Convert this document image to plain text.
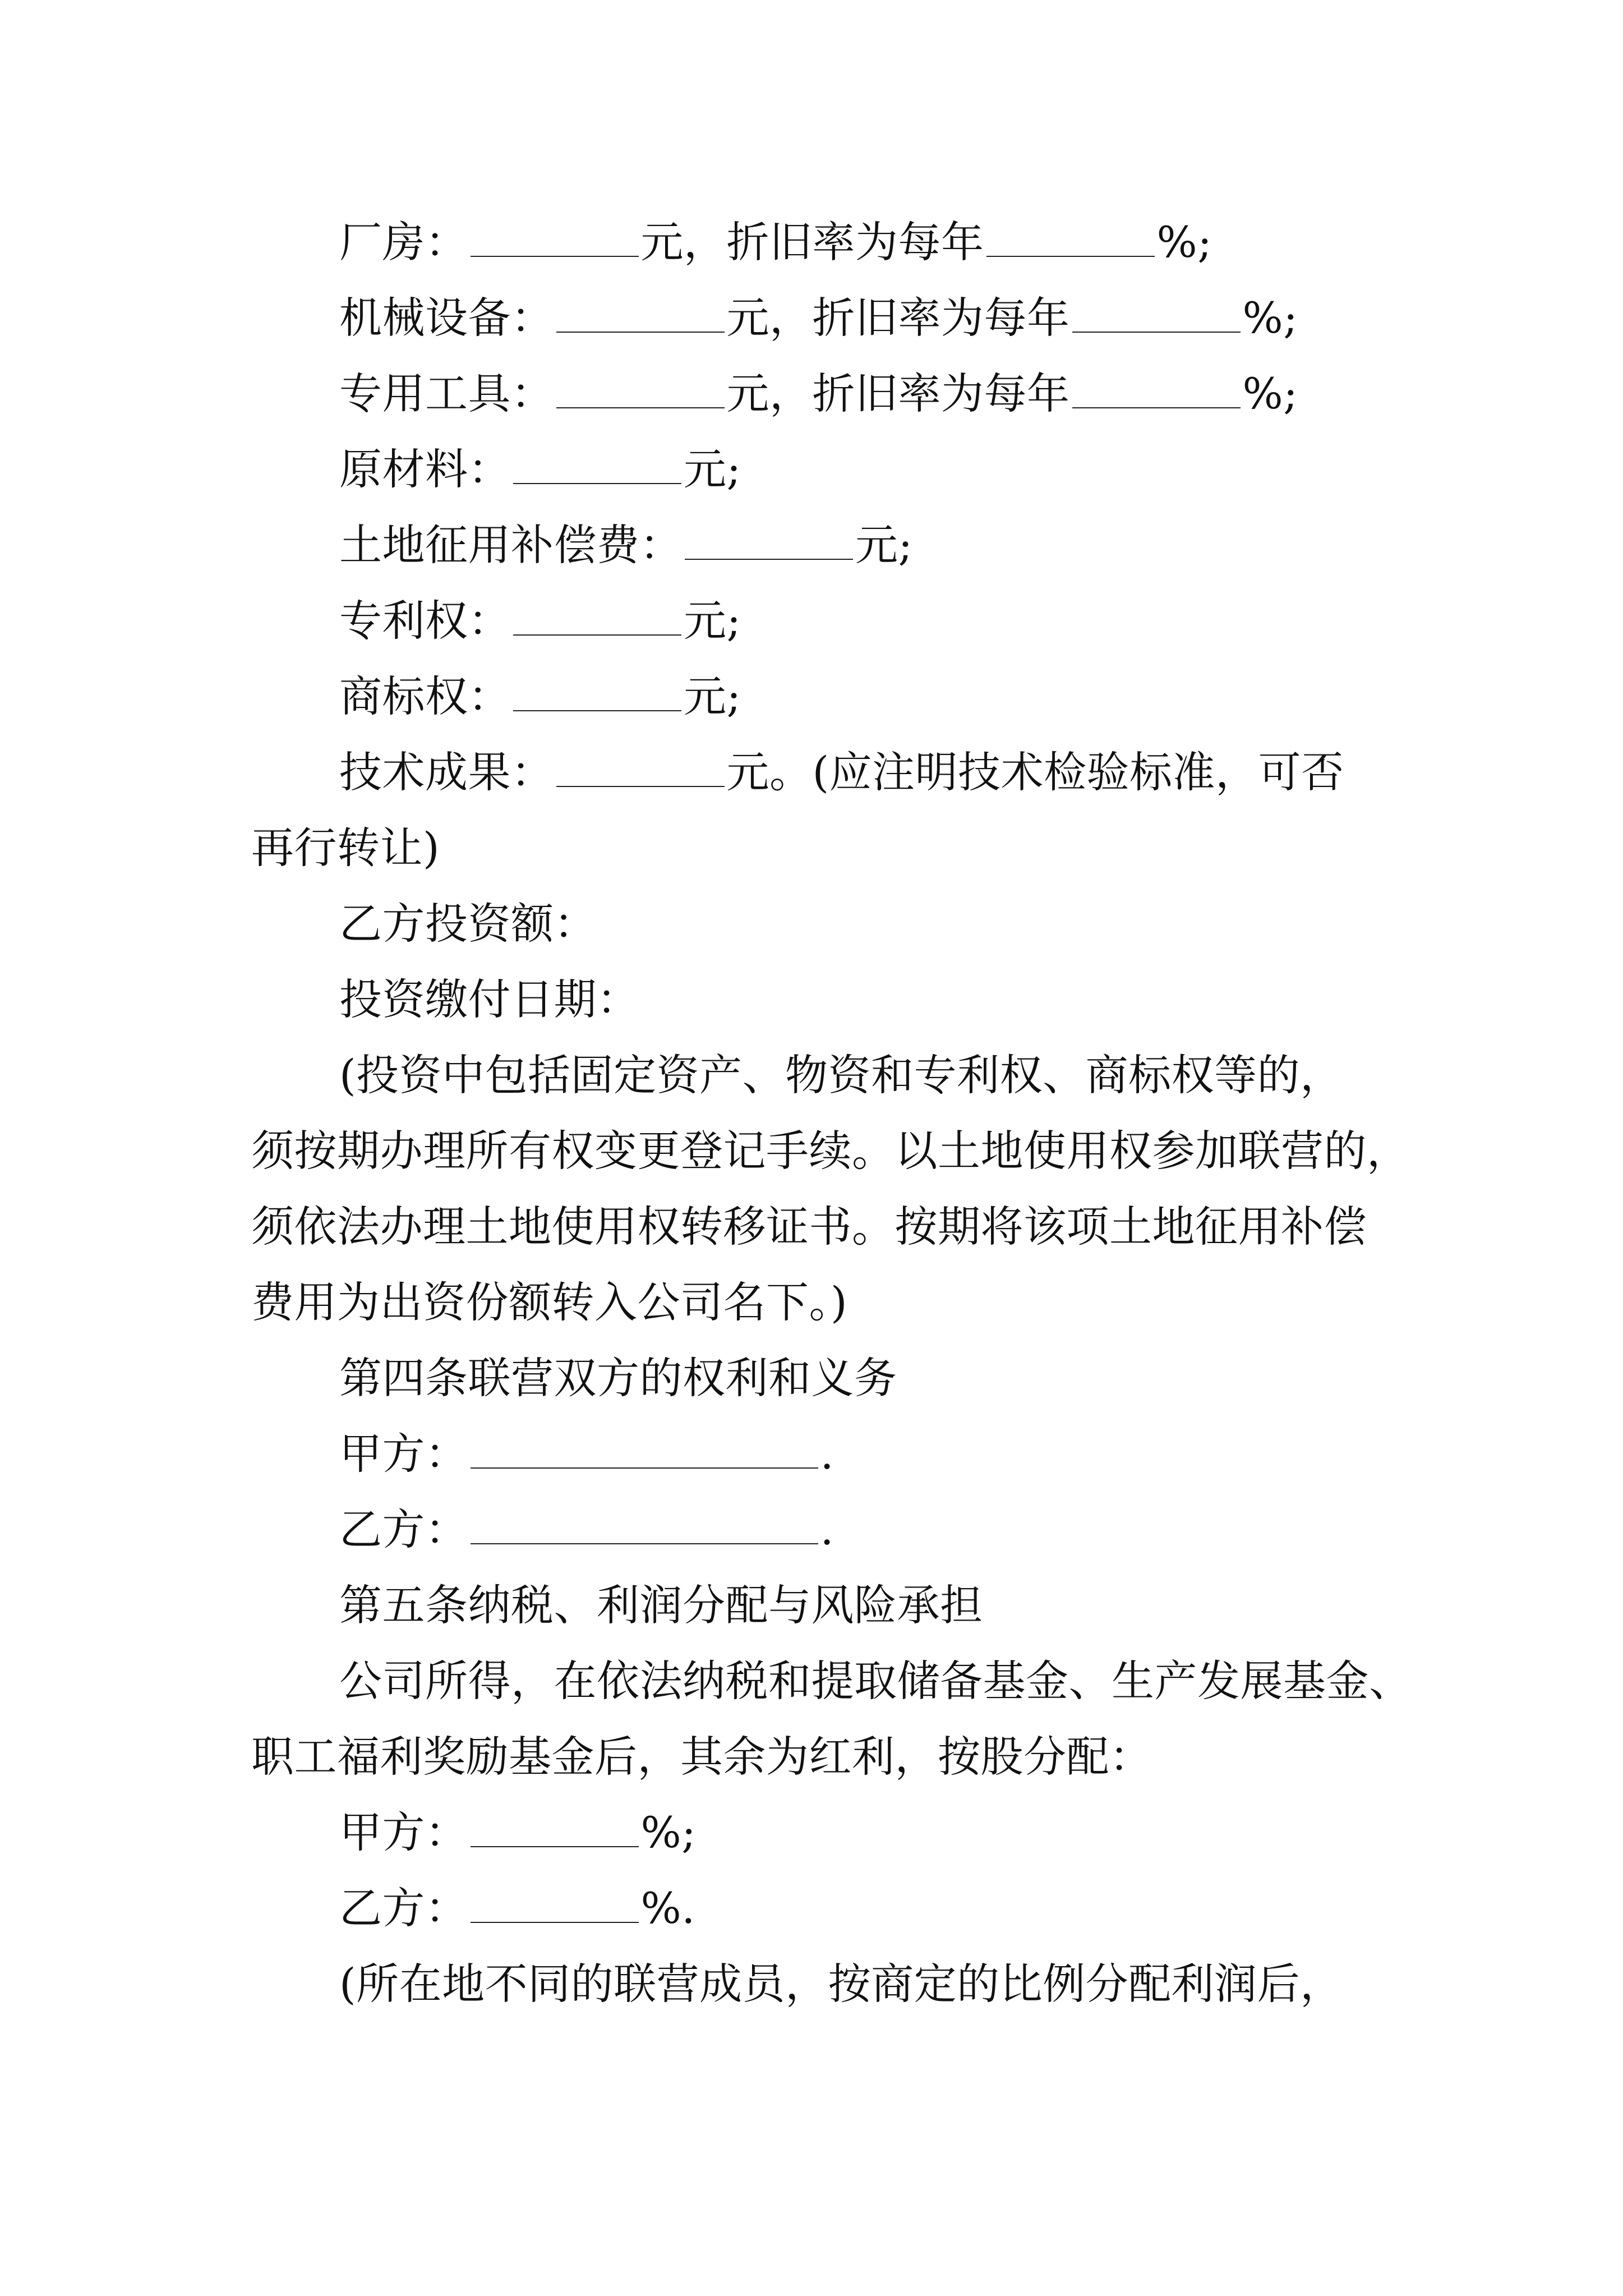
厂房：	元，折旧率为每年	%;
机械设备：	元，折旧率为每年	%;
专用工具：	元，折旧率为每年	%;
原材料：	元;
土地征用补偿费：	元;
专利权：	元;
商标权：	元;
技术成果：	元。(应注明技术检验标准，可否
再行转让)
乙方投资额：
投资缴付日期：
(投资中包括固定资产、物资和专利权、商标权等的，
须按期办理所有权变更登记手续。以土地使用权参加联营的，
须依法办理土地使用权转移证书。按期将该项土地征用补偿
费用为出资份额转入公司名下。)
第四条联营双方的权利和义务
甲方：	.
乙方：	.
第五条纳税、利润分配与风险承担
公司所得，在依法纳税和提取储备基金、生产发展基金、
职工福利奖励基金后，其余为红利，按股分配：
甲方：	%;
乙方：	%.
(所在地不同的联营成员，按商定的比例分配利润后，
